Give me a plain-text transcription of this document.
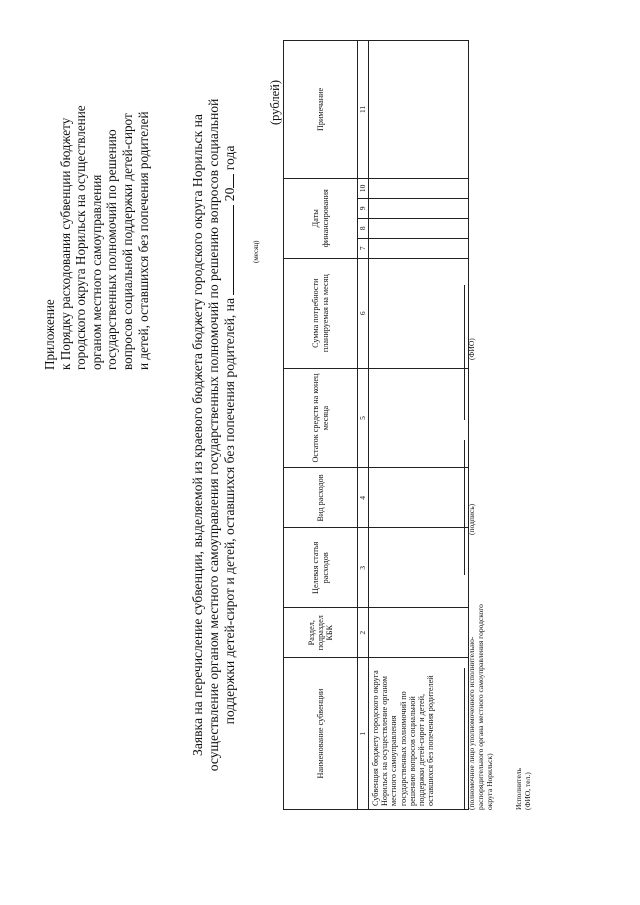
Приложение к Порядку расходования субвенции бюджету городского округа Норильск на осуществление органом местного самоуправления государственных полномочий по решению вопросов социальной поддержки детей-сирот и детей, оставшихся без попечения родителей	Заявка на перечисление субвенции, выделяемой из краевого бюджета бюджету городского округа Норильск на осуществление органом местного самоуправления государственных полномочий по решению вопросов социальной поддержки детей-сирот и детей, оставшихся без попечения родителей, на  20 года
(месяц)
(рублей)
Наименование субвенции	Раздел, подраздел КБК	Целевая статья расходов	Вид расходов	Остаток средств на конец месяца	Сумма потребности планируемая на месяц	Даты финансирования				Примечание
1	2	3	4	5	6	7	8	9	10	11
Субвенция бюджету городского округа Норильск на осуществление органом местного самоуправления государственных полномочий по решению вопросов социальной поддержки детей-сирот и детей, оставшихся без попечения родителей											(полномочное лицо уполномоченного исполнительно-распорядительного органа местного самоуправления городского округа Норильск)
(подпись)
(ФИО)
Исполнитель (ФИО, тел.)
